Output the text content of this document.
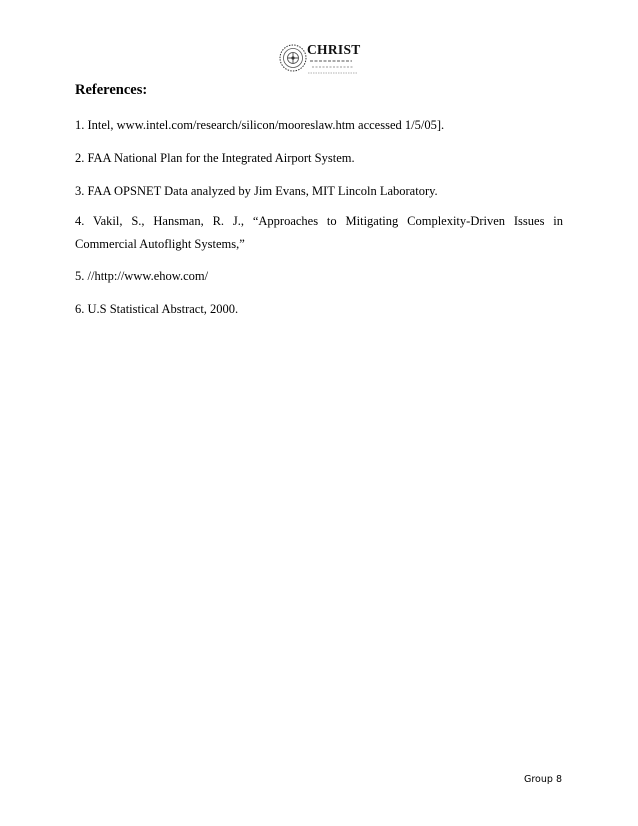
CHRIST
References:
1. Intel, www.intel.com/research/silicon/mooreslaw.htm accessed 1/5/05].
2. FAA National Plan for the Integrated Airport System.
3. FAA OPSNET Data analyzed by Jim Evans, MIT Lincoln Laboratory.
4. Vakil, S., Hansman, R. J., “Approaches to Mitigating Complexity-Driven Issues in Commercial Autoflight Systems,”
5. //http://www.ehow.com/
6. U.S Statistical Abstract, 2000.
Group 8
